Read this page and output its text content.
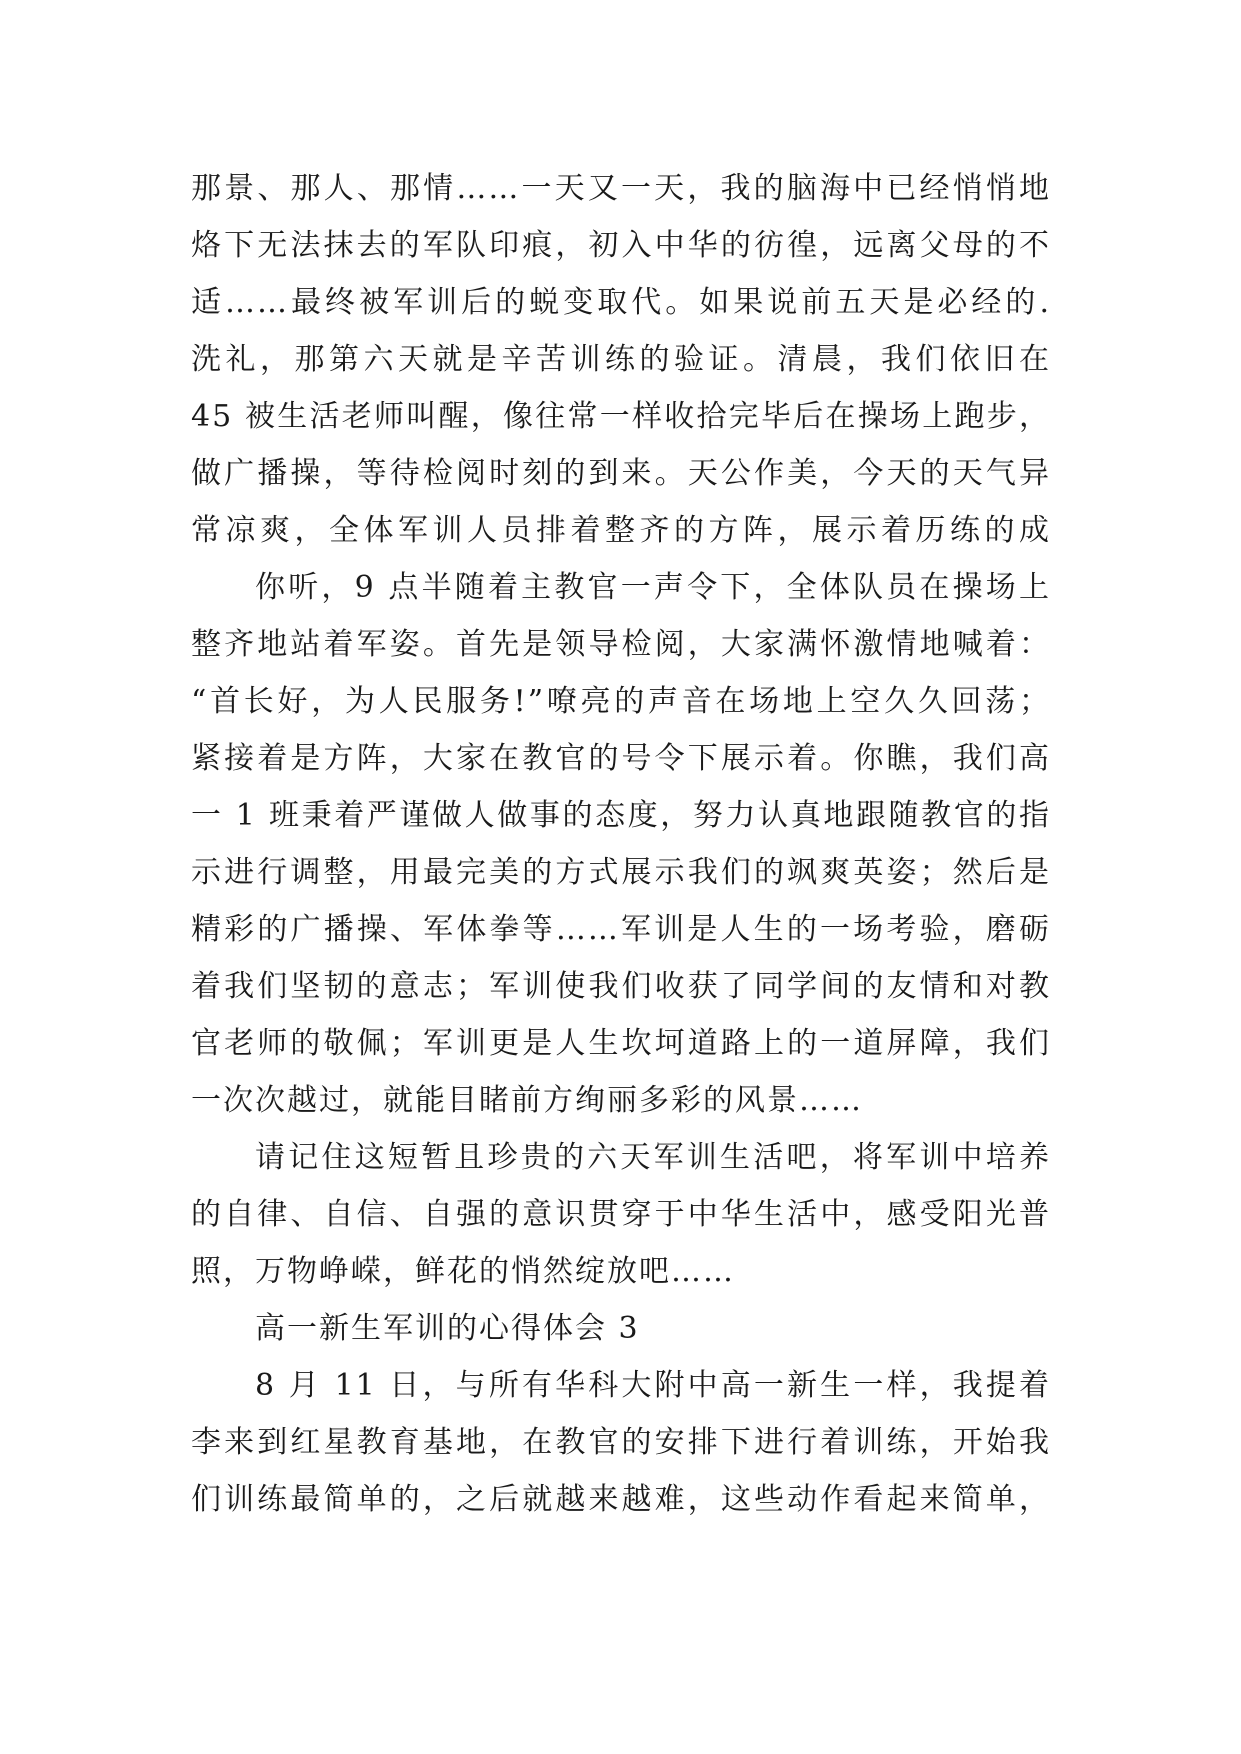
那景、那人、那情……一天又一天，我的脑海中已经悄悄地
烙下无法抹去的军队印痕，初入中华的彷徨，远离父母的不
适……最终被军训后的蜕变取代。如果说前五天是必经的.
洗礼，那第六天就是辛苦训练的验证。清晨，我们依旧在
45 被生活老师叫醒，像往常一样收拾完毕后在操场上跑步，
做广播操，等待检阅时刻的到来。天公作美，今天的天气异
常凉爽，全体军训人员排着整齐的方阵，展示着历练的成
你听，9 点半随着主教官一声令下，全体队员在操场上
整齐地站着军姿。首先是领导检阅，大家满怀激情地喊着：
“首长好，为人民服务!”嘹亮的声音在场地上空久久回荡；
紧接着是方阵，大家在教官的号令下展示着。你瞧，我们高
一 1 班秉着严谨做人做事的态度，努力认真地跟随教官的指
示进行调整，用最完美的方式展示我们的飒爽英姿；然后是
精彩的广播操、军体拳等……军训是人生的一场考验，磨砺
着我们坚韧的意志；军训使我们收获了同学间的友情和对教
官老师的敬佩；军训更是人生坎坷道路上的一道屏障，我们
一次次越过，就能目睹前方绚丽多彩的风景……
请记住这短暂且珍贵的六天军训生活吧，将军训中培养
的自律、自信、自强的意识贯穿于中华生活中，感受阳光普
照，万物峥嵘，鲜花的悄然绽放吧……
高一新生军训的心得体会 3
8 月 11 日，与所有华科大附中高一新生一样，我提着
李来到红星教育基地，在教官的安排下进行着训练，开始我
们训练最简单的，之后就越来越难，这些动作看起来简单，
